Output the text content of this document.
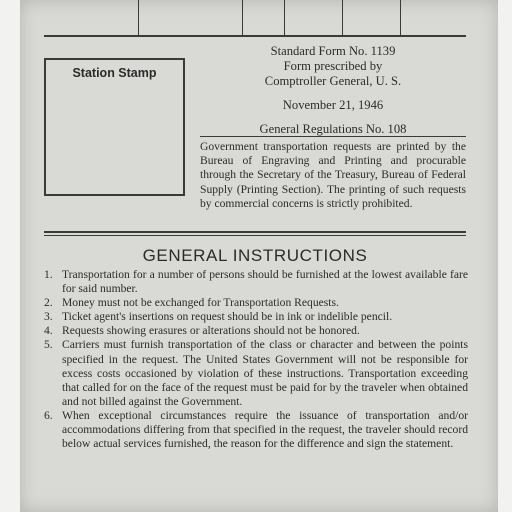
Station Stamp
Standard Form No. 1139
Form prescribed by
Comptroller General, U. S.
November 21, 1946
General Regulations No. 108
Government transportation requests are printed by the Bureau of Engraving and Printing and procurable through the Secretary of the Treasury, Bureau of Federal Supply (Printing Section). The printing of such requests by commercial concerns is strictly prohibited.
GENERAL INSTRUCTIONS
1. Transportation for a number of persons should be furnished at the lowest available fare for said number.
2. Money must not be exchanged for Transportation Requests.
3. Ticket agent's insertions on request should be in ink or indelible pencil.
4. Requests showing erasures or alterations should not be honored.
5. Carriers must furnish transportation of the class or character and between the points specified in the request. The United States Government will not be responsible for excess costs occasioned by violation of these instructions. Transportation exceeding that called for on the face of the request must be paid for by the traveler when obtained and not billed against the Government.
6. When exceptional circumstances require the issuance of transportation and/or accommodations differing from that specified in the request, the traveler should record below actual services furnished, the reason for the difference and sign the statement.
